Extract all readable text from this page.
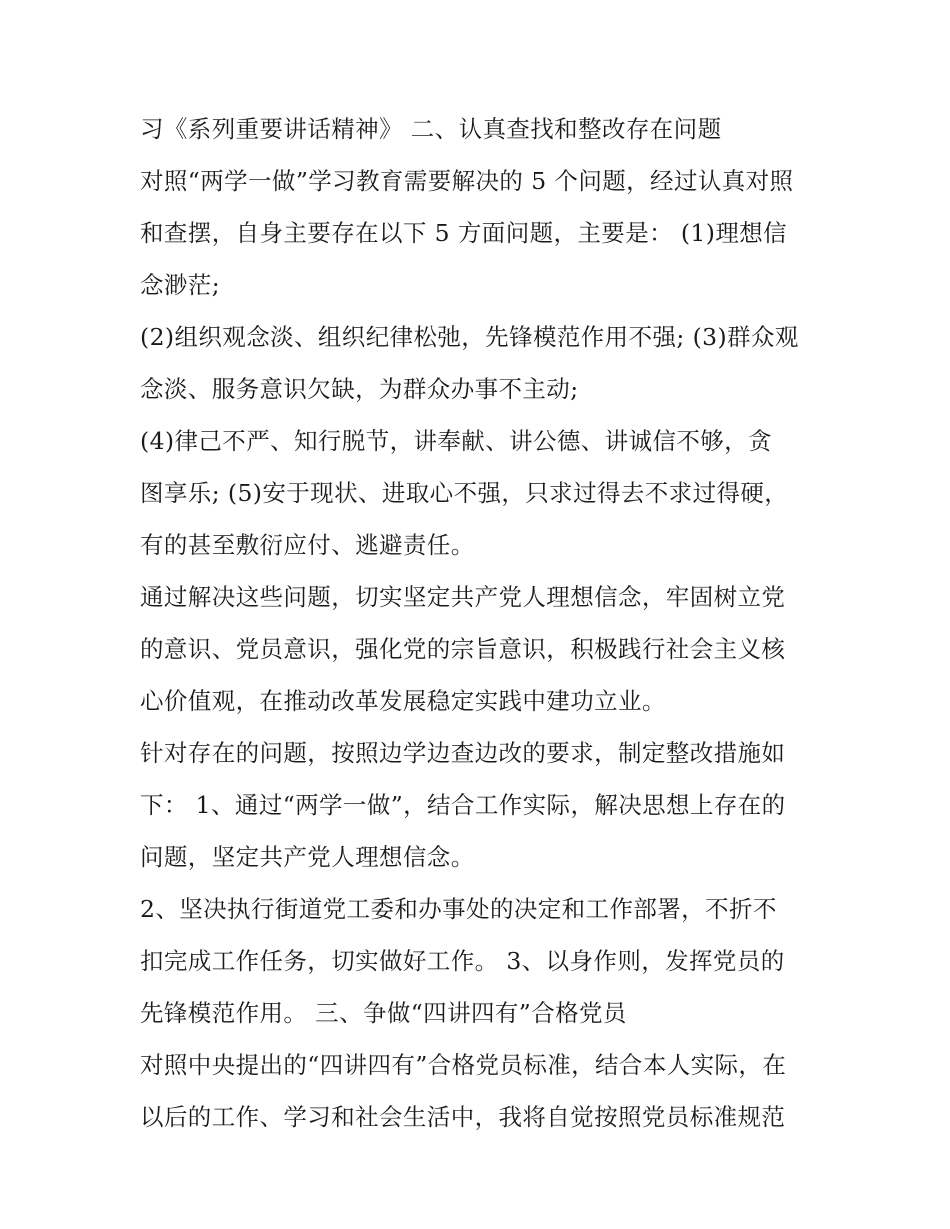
习《系列重要讲话精神》 二、认真查找和整改存在问题
对照“两学一做”学习教育需要解决的 5 个问题，经过认真对照
和查摆，自身主要存在以下 5 方面问题，主要是： (1)理想信
念渺茫;
(2)组织观念淡、组织纪律松弛，先锋模范作用不强; (3)群众观
念淡、服务意识欠缺，为群众办事不主动;
(4)律己不严、知行脱节，讲奉献、讲公德、讲诚信不够，贪
图享乐; (5)安于现状、进取心不强，只求过得去不求过得硬，
有的甚至敷衍应付、逃避责任。
通过解决这些问题，切实坚定共产党人理想信念，牢固树立党
的意识、党员意识，强化党的宗旨意识，积极践行社会主义核
心价值观，在推动改革发展稳定实践中建功立业。
针对存在的问题，按照边学边查边改的要求，制定整改措施如
下： 1、通过“两学一做”，结合工作实际，解决思想上存在的
问题，坚定共产党人理想信念。
2、坚决执行街道党工委和办事处的决定和工作部署，不折不
扣完成工作任务，切实做好工作。 3、以身作则，发挥党员的
先锋模范作用。 三、争做“四讲四有”合格党员
对照中央提出的“四讲四有”合格党员标准，结合本人实际，在
以后的工作、学习和社会生活中，我将自觉按照党员标准规范
